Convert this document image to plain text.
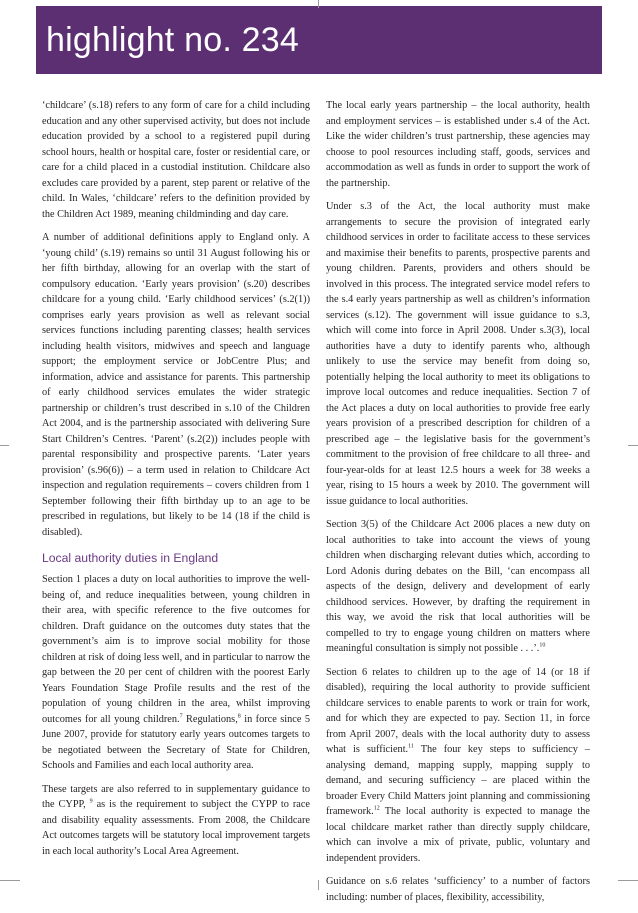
highlight no. 234

‘childcare’ (s.18) refers to any form of care for a child including education and any other supervised activity, but does not include education provided by a school to a registered pupil during school hours, health or hospital care, foster or residential care, or care for a child placed in a custodial institution. Childcare also excludes care provided by a parent, step parent or relative of the child. In Wales, ‘childcare’ refers to the definition provided by the Children Act 1989, meaning childminding and day care.

A number of additional definitions apply to England only. A ‘young child’ (s.19) remains so until 31 August following his or her fifth birthday, allowing for an overlap with the start of compulsory education. ‘Early years provision’ (s.20) describes childcare for a young child. ‘Early childhood services’ (s.2(1)) comprises early years provision as well as relevant social services functions including parenting classes; health services including health visitors, midwives and speech and language support; the employment service or JobCentre Plus; and information, advice and assistance for parents. This partnership of early childhood services emulates the wider strategic partnership or children’s trust described in s.10 of the Children Act 2004, and is the partnership associated with delivering Sure Start Children’s Centres. ‘Parent’ (s.2(2)) includes people with parental responsibility and prospective parents. ‘Later years provision’ (s.96(6)) – a term used in relation to Childcare Act inspection and regulation requirements – covers children from 1 September following their fifth birthday up to an age to be prescribed in regulations, but likely to be 14 (18 if the child is disabled).

Local authority duties in England

Section 1 places a duty on local authorities to improve the well-being of, and reduce inequalities between, young children in their area, with specific reference to the five outcomes for children. Draft guidance on the outcomes duty states that the government’s aim is to improve social mobility for those children at risk of doing less well, and in particular to narrow the gap between the 20 per cent of children with the poorest Early Years Foundation Stage Profile results and the rest of the population of young children in the area, whilst improving outcomes for all young children.$^7$ Regulations,$^8$ in force since 5 June 2007, provide for statutory early years outcomes targets to be negotiated between the Secretary of State for Children, Schools and Families and each local authority area.

These targets are also referred to in supplementary guidance to the CYPP, $^9$ as is the requirement to subject the CYPP to race and disability equality assessments. From 2008, the Childcare Act outcomes targets will be statutory local improvement targets in each local authority’s Local Area Agreement.

The local early years partnership – the local authority, health and employment services – is established under s.4 of the Act. Like the wider children’s trust partnership, these agencies may choose to pool resources including staff, goods, services and accommodation as well as funds in order to support the work of the partnership.

Under s.3 of the Act, the local authority must make arrangements to secure the provision of integrated early childhood services in order to facilitate access to these services and maximise their benefits to parents, prospective parents and young children. Parents, providers and others should be involved in this process. The integrated service model refers to the s.4 early years partnership as well as children’s information services (s.12). The government will issue guidance to s.3, which will come into force in April 2008. Under s.3(3), local authorities have a duty to identify parents who, although unlikely to use the service may benefit from doing so, potentially helping the local authority to meet its obligations to improve local outcomes and reduce inequalities. Section 7 of the Act places a duty on local authorities to provide free early years provision of a prescribed description for children of a prescribed age – the legislative basis for the government’s commitment to the provision of free childcare to all three- and four-year-olds for at least 12.5 hours a week for 38 weeks a year, rising to 15 hours a week by 2010. The government will issue guidance to local authorities.

Section 3(5) of the Childcare Act 2006 places a new duty on local authorities to take into account the views of young children when discharging relevant duties which, according to Lord Adonis during debates on the Bill, ‘can encompass all aspects of the design, delivery and development of early childhood services. However, by drafting the requirement in this way, we avoid the risk that local authorities will be compelled to try to engage young children on matters where meaningful consultation is simply not possible . . .’.$^{10}$

Section 6 relates to children up to the age of 14 (or 18 if disabled), requiring the local authority to provide sufficient childcare services to enable parents to work or train for work, and for which they are expected to pay. Section 11, in force from April 2007, deals with the local authority duty to assess what is sufficient.$^{11}$ The four key steps to sufficiency – analysing demand, mapping supply, mapping supply to demand, and securing sufficiency – are placed within the broader Every Child Matters joint planning and commissioning framework.$^{12}$ The local authority is expected to manage the local childcare market rather than directly supply childcare, which can involve a mix of private, public, voluntary and independent providers.

Guidance on s.6 relates ‘sufficiency’ to a number of factors including: number of places, flexibility, accessibility,
